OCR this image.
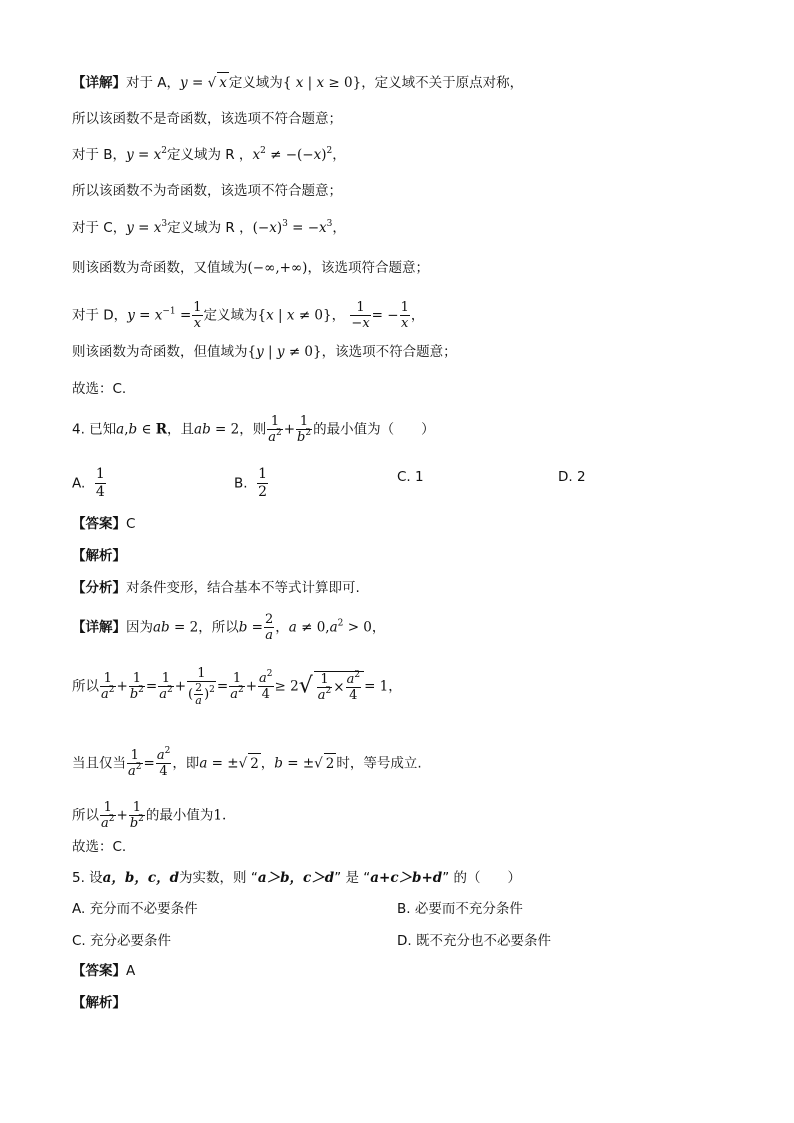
【详解】对于 A，y = √ x 定义域为{ x | x ≥ 0}，定义域不关于原点对称，
所以该函数不是奇函数，该选项不符合题意；
对于 B，$y = x^2$定义域为 R ，$x^2 \ne -(-x)^2$，
所以该函数不为奇函数，该选项不符合题意；
对于 C，$y = x^3$定义域为 R ，$(-x)^3 = -x^3$，
则该函数为奇函数，又值域为(−∞,+∞)，该选项符合题意；
对于 D，$y = x^{-1} = \frac{1}{x}$ 定义域为{x | x ≠ 0}， $\frac{1}{-x}$ = − $\frac{1}{x}$ ，
则该函数为奇函数，但值域为{y | y ≠ 0}，该选项不符合题意；
故选：C.
4. 已知a,b ∈ R，且ab = 2，则 $\frac{1}{a^2} + \frac{1}{b^2}$ 的最小值为（　　）
A. $\frac{1}{4}$	B. $\frac{1}{2}$	C. 1	D. 2
【答案】C
【解析】
【分析】对条件变形，结合基本不等式计算即可.
【详解】因为ab = 2，所以$b = \frac{2}{a}$ ，$a \ne 0,a^2 > 0$，
所以 $\frac{1}{a^2} + \frac{1}{b^2} = \frac{1}{a^2} + \frac{1}{( \frac{2}{a} )^2} = \frac{1}{a^2} + \frac{a^2}{4} \ge 2√ \frac{1}{a^2} \times \frac{a^2}{4} = 1$，
当且仅当 $\frac{1}{a^2} = \frac{a^2}{4}$ ，即a = ±√ 2 ，b = ±√ 2 时，等号成立.
所以 $\frac{1}{a^2} + \frac{1}{b^2}$ 的最小值为1.
故选：C.
5. 设a，b，c，d为实数，则 “a＞b，c＞d” 是 “a+c＞b+d” 的（　　）
A. 充分而不必要条件	B. 必要而不充分条件
C. 充分必要条件	D. 既不充分也不必要条件
【答案】A
【解析】
